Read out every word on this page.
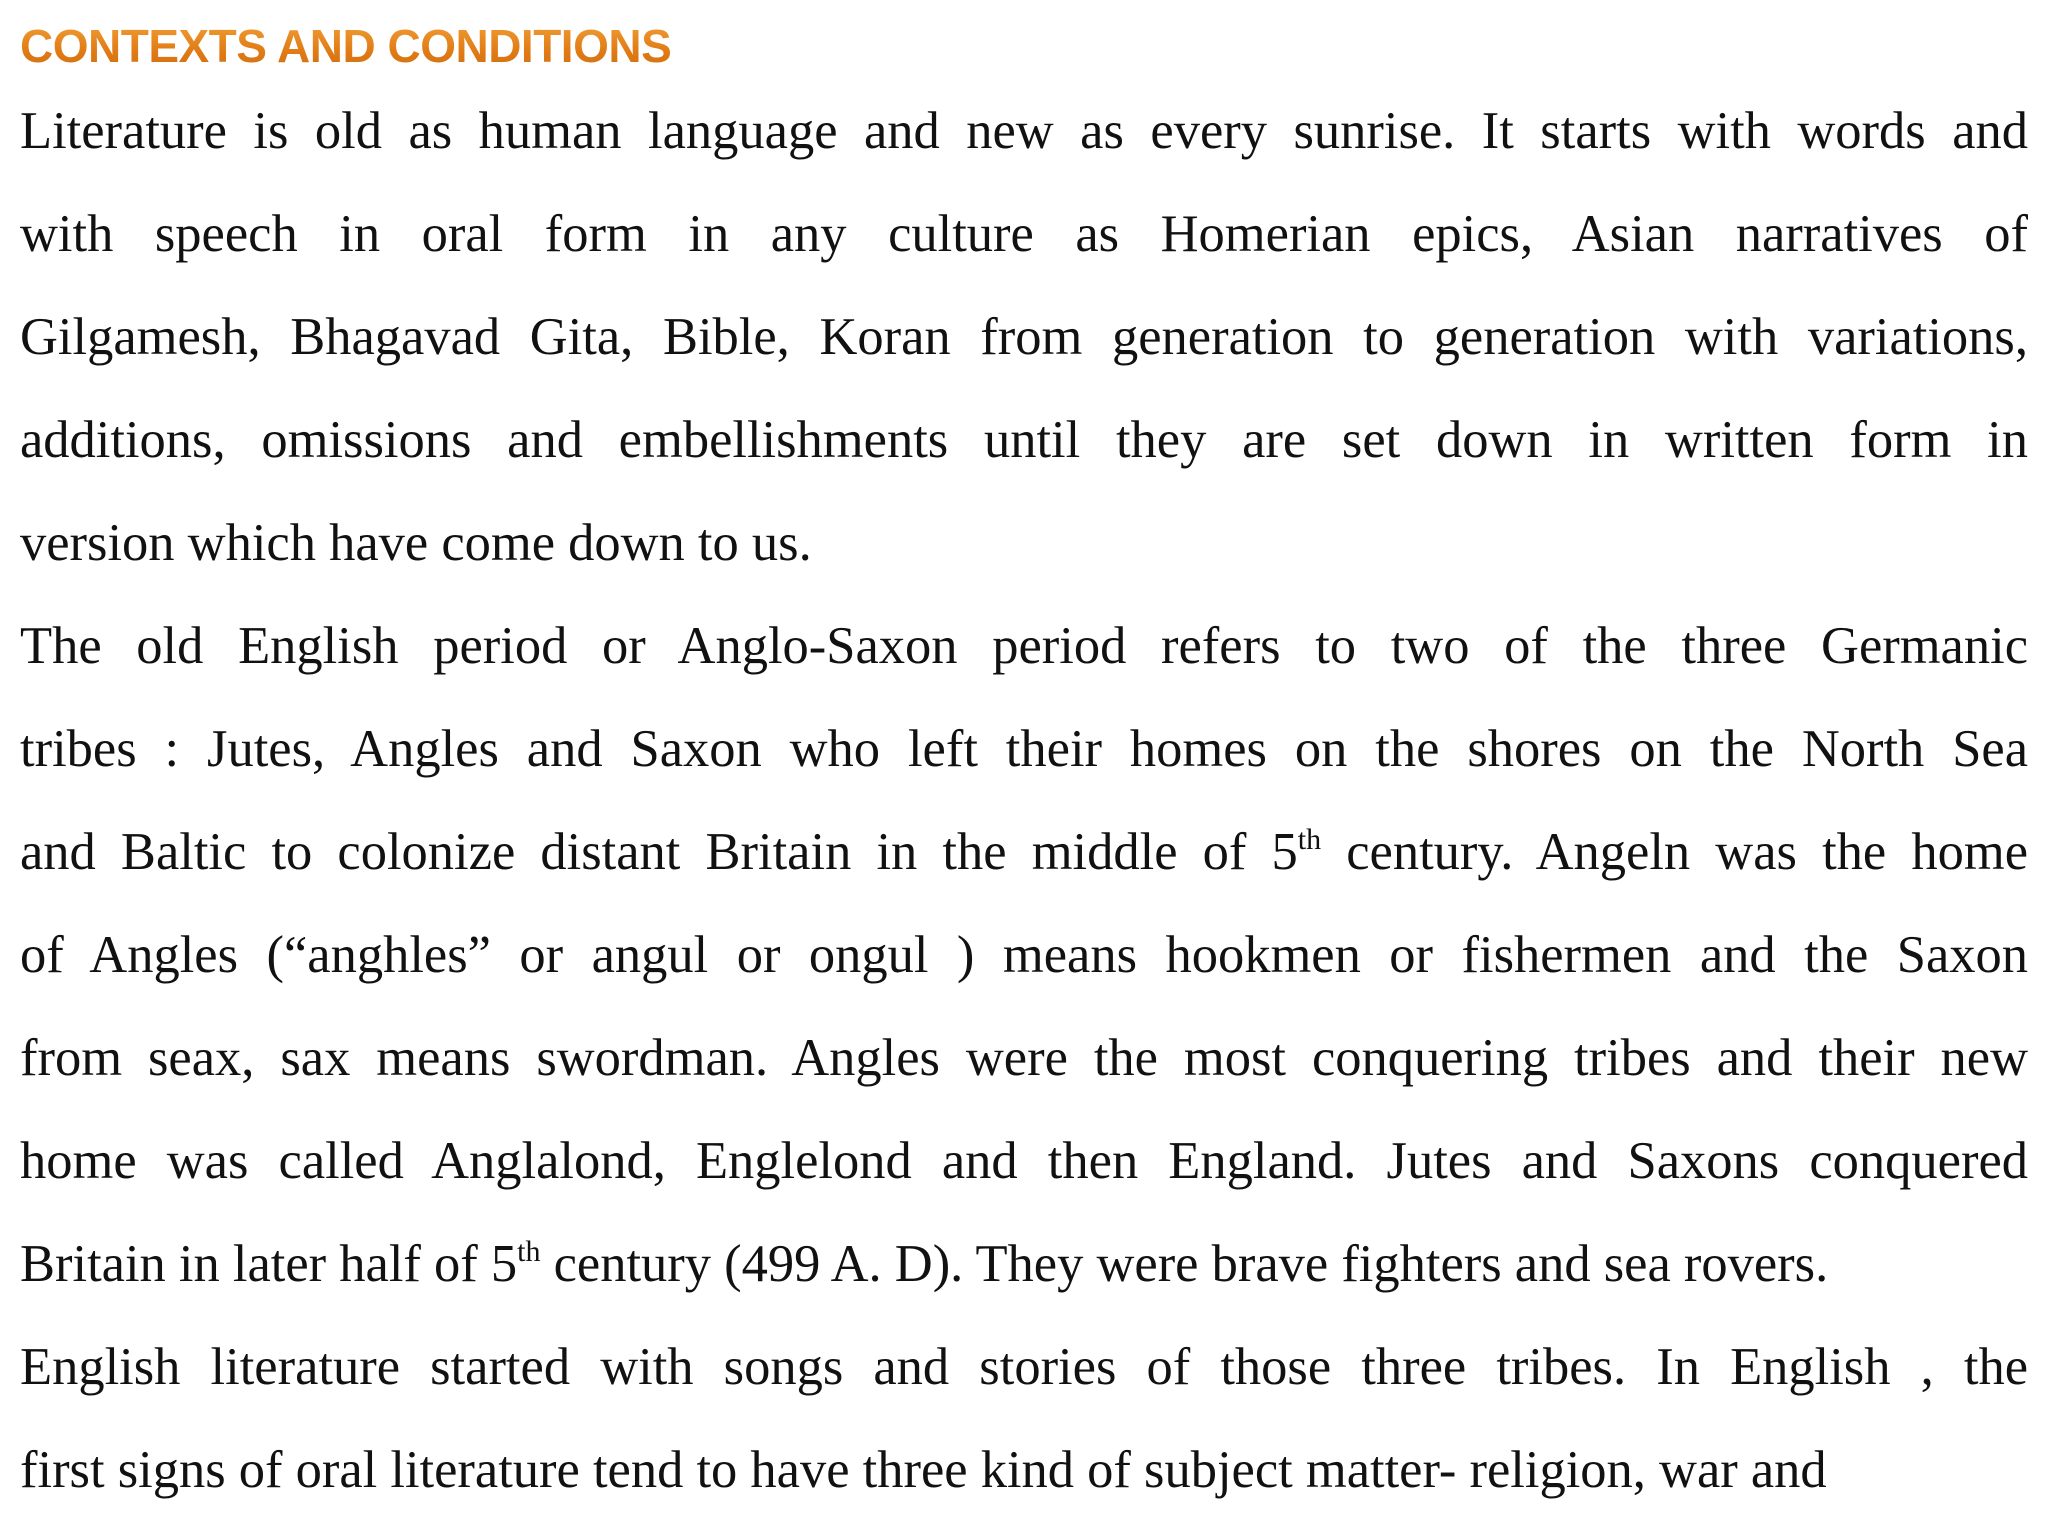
CONTEXTS AND CONDITIONS
Literature is old as human language and new as every sunrise. It starts with words and
with speech in oral form in any culture as Homerian epics, Asian narratives of
Gilgamesh, Bhagavad Gita, Bible, Koran from generation to generation with variations,
additions, omissions and embellishments until they are set down in written form in
version which have come down to us.
The old English period or Anglo-Saxon period refers to two of the three Germanic
tribes : Jutes, Angles and Saxon who left their homes on the shores on the North Sea
and Baltic to colonize distant Britain in the middle of 5th century. Angeln was the home
of Angles (“anghles” or angul or ongul ) means hookmen or fishermen and the Saxon
from seax, sax means swordman. Angles were the most conquering tribes and their new
home was called Anglalond, Englelond and then England. Jutes and Saxons conquered
Britain in later half of 5th century (499 A. D). They were brave fighters and sea rovers.
English literature started with songs and stories of those three tribes. In English , the
first signs of oral literature tend to have three kind of subject matter- religion, war and
